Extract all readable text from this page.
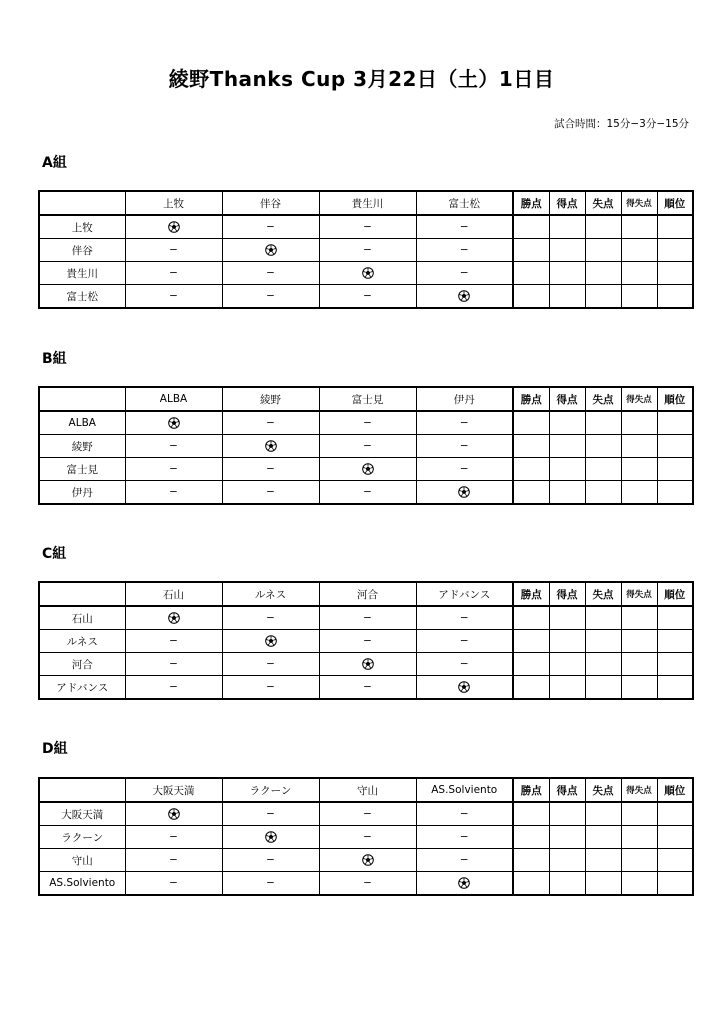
綾野Thanks Cup 3月22日（土）1日目
試合時間：15分−3分−15分
A組
	上牧	伴谷	貴生川	富士松	勝点	得点	失点	得失点	順位
上牧		−	−	−					
伴谷	−		−	−					
貴生川	−	−		−					
富士松	−	−	−						
B組
	ALBA	綾野	富士見	伊丹	勝点	得点	失点	得失点	順位
ALBA		−	−	−					
綾野	−		−	−					
富士見	−	−		−					
伊丹	−	−	−						
C組
	石山	ルネス	河合	アドバンス	勝点	得点	失点	得失点	順位
石山		−	−	−					
ルネス	−		−	−					
河合	−	−		−					
アドバンス	−	−	−						
D組
	大阪天満	ラクーン	守山	AS.Solviento	勝点	得点	失点	得失点	順位
大阪天満		−	−	−					
ラクーン	−		−	−					
守山	−	−		−					
AS.Solviento	−	−	−						
